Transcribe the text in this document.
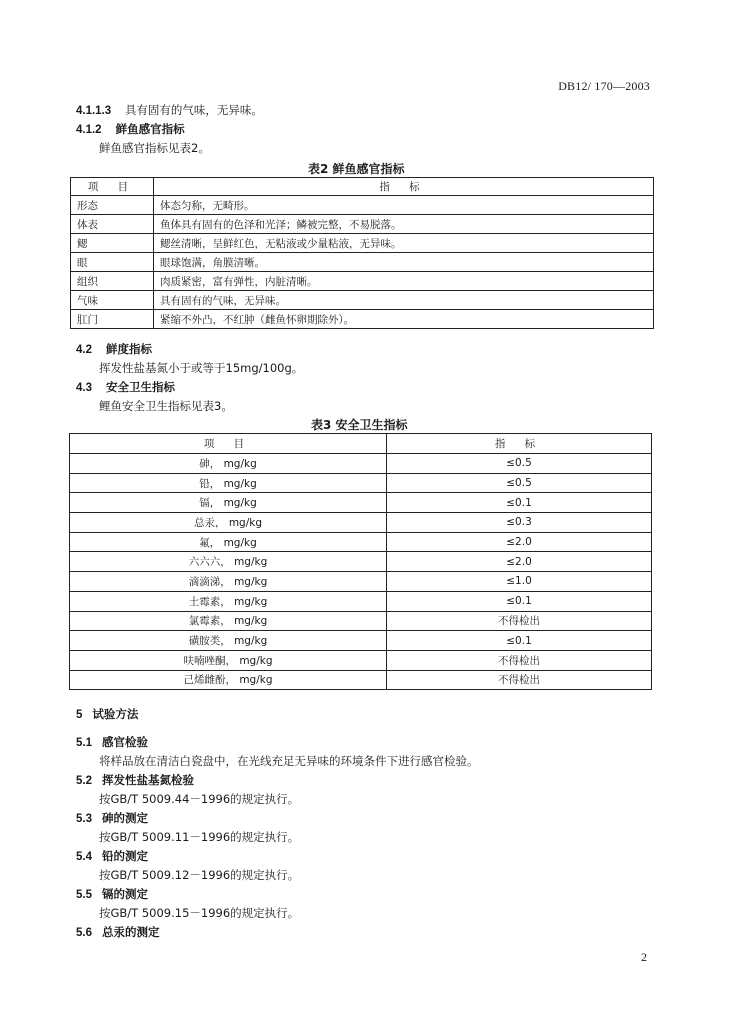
DB12/ 170—2003
4.1.1.3 具有固有的气味，无异味。
4.1.2 鲜鱼感官指标
鲜鱼感官指标见表2。
表2 鲜鱼感官指标
项 目	指 标
形态	体态匀称，无畸形。
体表	鱼体具有固有的色泽和光泽；鳞被完整，不易脱落。
鳃	鳃丝清晰，呈鲜红色，无粘液或少量粘液，无异味。
眼	眼球饱满，角膜清晰。
组织	肉质紧密，富有弹性，内脏清晰。
气味	具有固有的气味，无异味。
肛门	紧缩不外凸，不红肿（雌鱼怀卵期除外）。
4.2 鲜度指标
挥发性盐基氮小于或等于15mg/100g。
4.3 安全卫生指标
鲤鱼安全卫生指标见表3。
表3 安全卫生指标
项 目	指 标
砷， mg/kg	≤0.5
铅， mg/kg	≤0.5
镉， mg/kg	≤0.1
总汞， mg/kg	≤0.3
氟， mg/kg	≤2.0
六六六， mg/kg	≤2.0
滴滴涕， mg/kg	≤1.0
土霉素， mg/kg	≤0.1
氯霉素， mg/kg	不得检出
磺胺类， mg/kg	≤0.1
呋喃唑酮， mg/kg	不得检出
己烯雌酚， mg/kg	不得检出
5 试验方法
5.1 感官检验
将样品放在清洁白瓷盘中，在光线充足无异味的环境条件下进行感官检验。
5.2 挥发性盐基氮检验
按GB/T 5009.44－1996的规定执行。
5.3 砷的测定
按GB/T 5009.11－1996的规定执行。
5.4 铅的测定
按GB/T 5009.12－1996的规定执行。
5.5 镉的测定
按GB/T 5009.15－1996的规定执行。
5.6 总汞的测定
2
